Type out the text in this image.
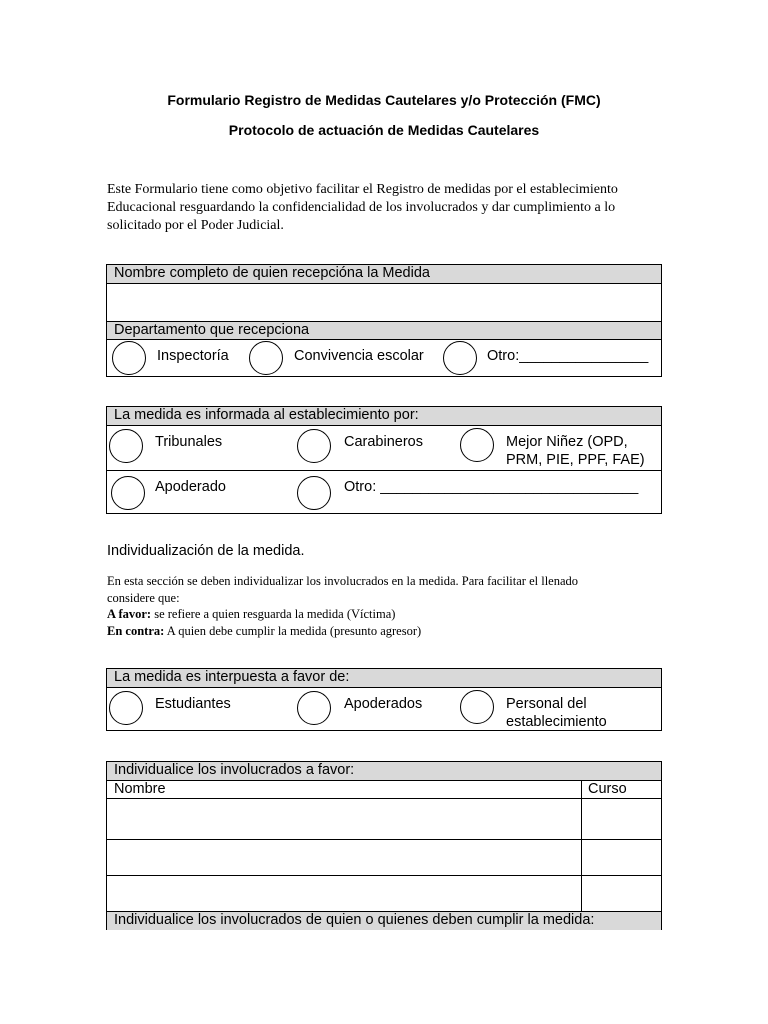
Formulario Registro de Medidas Cautelares y/o Protección (FMC)
Protocolo de actuación de Medidas Cautelares
Este Formulario tiene como objetivo facilitar el Registro de medidas por el establecimiento Educacional resguardando la confidencialidad de los involucrados y dar cumplimiento a lo solicitado por el Poder Judicial.
Nombre completo de quien recepcióna la Medida
Departamento que recepciona
Inspectoría	Convivencia escolar	Otro:________________
La medida es informada al establecimiento por:
Tribunales	Carabineros	Mejor Niñez (OPD,
PRM, PIE, PPF, FAE)
Apoderado	Otro: ________________________________
Individualización de la medida.
En esta sección se deben individualizar los involucrados en la medida. Para facilitar el llenado
considere que:
A favor: se refiere a quien resguarda la medida (Víctima)
En contra: A quien debe cumplir la medida (presunto agresor)
La medida es interpuesta a favor de:
Estudiantes	Apoderados	Personal del
establecimiento
Individualice los involucrados a favor:
Nombre	Curso
Individualice los involucrados de quien o quienes deben cumplir la medida:
